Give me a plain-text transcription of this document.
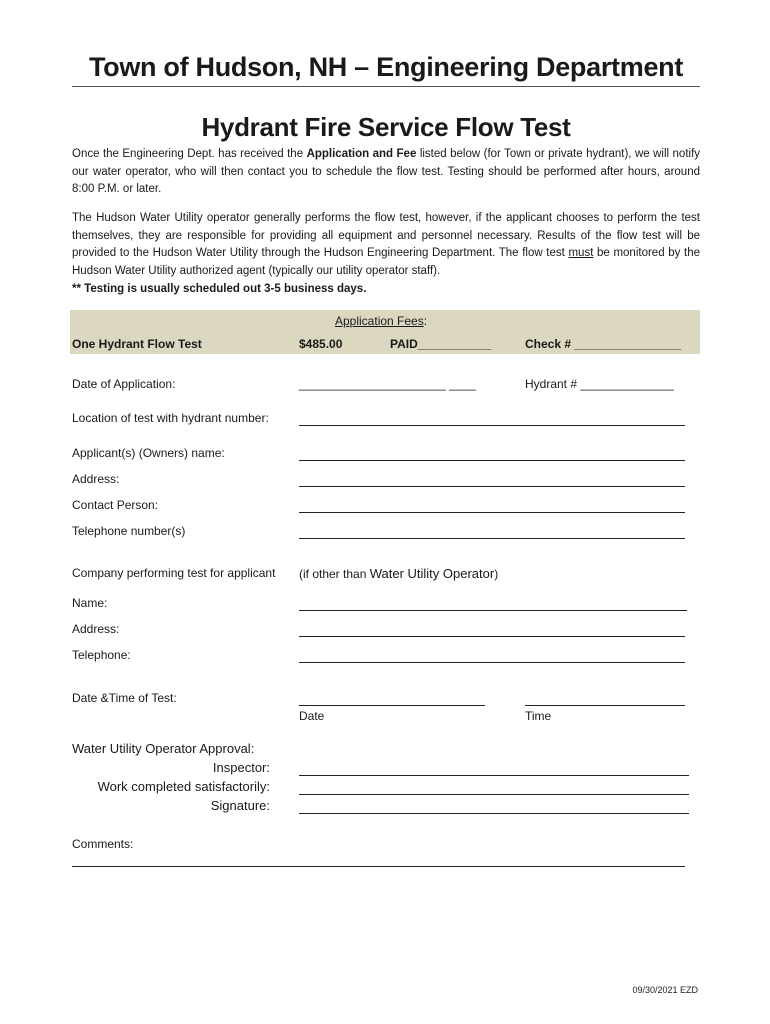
Town of Hudson, NH – Engineering Department
Hydrant Fire Service Flow Test
Once the Engineering Dept. has received the Application and Fee listed below (for Town or private hydrant), we will notify our water operator, who will then contact you to schedule the flow test. Testing should be performed after hours, around 8:00 P.M. or later.
The Hudson Water Utility operator generally performs the flow test, however, if the applicant chooses to perform the test themselves, they are responsible for providing all equipment and personnel necessary. Results of the flow test will be provided to the Hudson Water Utility through the Hudson Engineering Department. The flow test must be monitored by the Hudson Water Utility authorized agent (typically our utility operator staff).
** Testing is usually scheduled out 3-5 business days.
Application Fees:
One Hydrant Flow Test	$485.00	PAID___________	Check # ________________
Date of Application:	______________________ ____	Hydrant # ______________
Location of test with hydrant number:
Applicant(s) (Owners) name:
Address:
Contact Person:
Telephone number(s)
Company performing test for applicant (if other than Water Utility Operator)
Name:
Address:
Telephone:
Date &Time of Test:
Date	Time
Water Utility Operator Approval:
Inspector:
Work completed satisfactorily:
Signature:
Comments:
09/30/2021 EZD
